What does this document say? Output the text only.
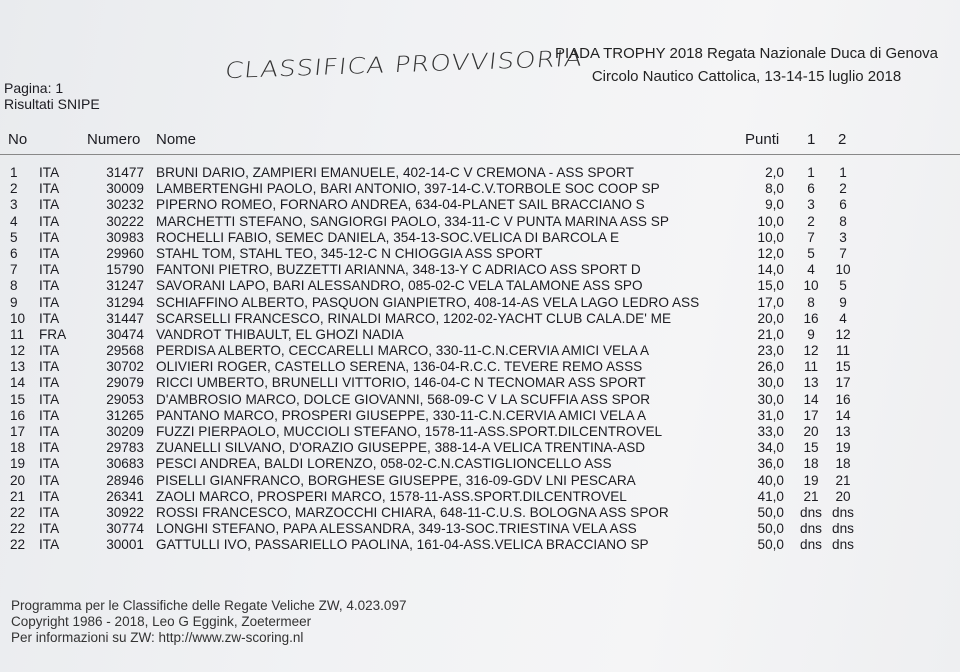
CLASSIFICA PROVVISORIA
PIADA TROPHY 2018 Regata Nazionale Duca di Genova
Circolo Nautico Cattolica, 13-14-15 luglio 2018
Pagina: 1
Risultati SNIPE
No	Numero Nome	Punti 1 2
1 ITA	31477 BRUNI DARIO, ZAMPIERI EMANUELE, 402-14-C V CREMONA - ASS SPORT	2,0	1	1
2 ITA	30009 LAMBERTENGHI PAOLO, BARI ANTONIO, 397-14-C.V.TORBOLE SOC COOP SP	8,0	6	2
3 ITA	30232 PIPERNO ROMEO, FORNARO ANDREA, 634-04-PLANET SAIL BRACCIANO S	9,0	3	6
4 ITA	30222 MARCHETTI STEFANO, SANGIORGI PAOLO, 334-11-C V PUNTA MARINA ASS SP	10,0	2	8
5 ITA	30983 ROCHELLI FABIO, SEMEC DANIELA, 354-13-SOC.VELICA DI BARCOLA E	10,0	7	3
6 ITA	29960 STAHL TOM, STAHL TEO, 345-12-C N CHIOGGIA ASS SPORT	12,0	5	7
7 ITA	15790 FANTONI PIETRO, BUZZETTI ARIANNA, 348-13-Y C ADRIACO ASS SPORT D	14,0	4	10
8 ITA	31247 SAVORANI LAPO, BARI ALESSANDRO, 085-02-C VELA TALAMONE ASS SPO	15,0	10	5
9 ITA	31294 SCHIAFFINO ALBERTO, PASQUON GIANPIETRO, 408-14-AS VELA LAGO LEDRO ASS	17,0	8	9
10 ITA	31447 SCARSELLI FRANCESCO, RINALDI MARCO, 1202-02-YACHT CLUB CALA.DE' ME	20,0	16	4
11 FRA	30474 VANDROT THIBAULT, EL GHOZI NADIA	21,0	9	12
12 ITA	29568 PERDISA ALBERTO, CECCARELLI MARCO, 330-11-C.N.CERVIA AMICI VELA A	23,0	12	11
13 ITA	30702 OLIVIERI ROGER, CASTELLO SERENA, 136-04-R.C.C. TEVERE REMO ASSS	26,0	11	15
14 ITA	29079 RICCI UMBERTO, BRUNELLI VITTORIO, 146-04-C N TECNOMAR ASS SPORT	30,0	13	17
15 ITA	29053 D'AMBROSIO MARCO, DOLCE GIOVANNI, 568-09-C V LA SCUFFIA ASS SPOR	30,0	14	16
16 ITA	31265 PANTANO MARCO, PROSPERI GIUSEPPE, 330-11-C.N.CERVIA AMICI VELA A	31,0	17	14
17 ITA	30209 FUZZI PIERPAOLO, MUCCIOLI STEFANO, 1578-11-ASS.SPORT.DILCENTROVEL	33,0	20	13
18 ITA	29783 ZUANELLI SILVANO, D'ORAZIO GIUSEPPE, 388-14-A VELICA TRENTINA-ASD	34,0	15	19
19 ITA	30683 PESCI ANDREA, BALDI LORENZO, 058-02-C.N.CASTIGLIONCELLO ASS	36,0	18	18
20 ITA	28946 PISELLI GIANFRANCO, BORGHESE GIUSEPPE, 316-09-GDV LNI PESCARA	40,0	19	21
21 ITA	26341 ZAOLI MARCO, PROSPERI MARCO, 1578-11-ASS.SPORT.DILCENTROVEL	41,0	21	20
22 ITA	30922 ROSSI FRANCESCO, MARZOCCHI CHIARA, 648-11-C.U.S. BOLOGNA ASS SPOR	50,0 dns dns
22 ITA	30774 LONGHI STEFANO, PAPA ALESSANDRA, 349-13-SOC.TRIESTINA VELA ASS	50,0 dns dns
22 ITA	30001 GATTULLI IVO, PASSARIELLO PAOLINA, 161-04-ASS.VELICA BRACCIANO SP	50,0 dns dns
Programma per le Classifiche delle Regate Veliche ZW, 4.023.097
Copyright 1986 - 2018, Leo G Eggink, Zoetermeer
Per informazioni su ZW: http://www.zw-scoring.nl
